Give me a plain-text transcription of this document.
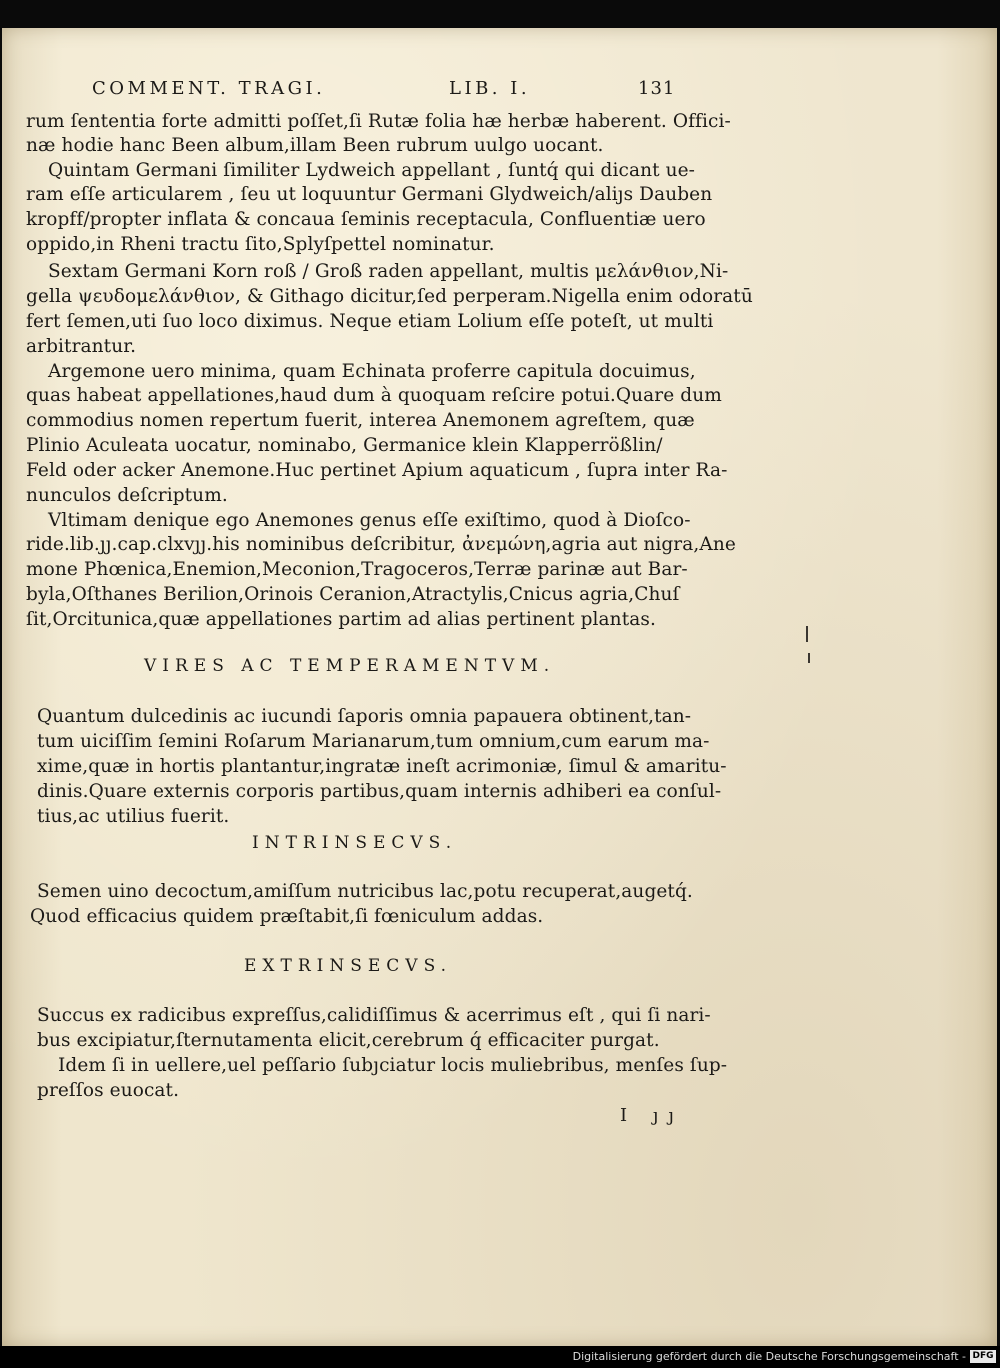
COMMENT. TRAGI.	LIB. I.	131
rum ſententia forte admitti poſſet,ſi Rutæ folia hæ herbæ haberent. Offici-
næ hodie hanc Been album,illam Been rubrum uulgo uocant.
Quintam Germani ſimiliter Lydweich appellant , ſuntq́ qui dicant ue-
ram eſſe articularem , ſeu ut loquuntur Germani Glydweich/aliȷs Dauben
kropff/propter inflata & concaua ſeminis receptacula, Confluentiæ uero
oppido,in Rheni tractu ſito,Splyſpettel nominatur.
Sextam Germani Korn roß / Groß raden appellant, multis μελάνθιον,Ni-
gella ψευδομελάνθιον, & Githago dicitur,ſed perperam.Nigella enim odoratū
fert ſemen,uti ſuo loco diximus. Neque etiam Lolium eſſe poteſt, ut multi
arbitrantur.
Argemone uero minima, quam Echinata proferre capitula docuimus,
quas habeat appellationes,haud dum à quoquam reſcire potui.Quare dum
commodius nomen repertum fuerit, interea Anemonem agreſtem, quæ
Plinio Aculeata uocatur, nominabo, Germanice klein Klapperrößlin/
Feld oder acker Anemone.Huc pertinet Apium aquaticum , ſupra inter Ra-
nunculos deſcriptum.
Vltimam denique ego Anemones genus eſſe exiſtimo, quod à Dioſco-
ride.lib.ȷȷ.cap.clxvȷȷ.his nominibus deſcribitur, ἀνεμώνη,agria aut nigra,Ane
mone Phœnica,Enemion,Meconion,Tragoceros,Terræ parinæ aut Bar-
byla,Oſthanes Berilion,Orinois Ceranion,Atractylis,Cnicus agria,Chuſ
ſit,Orcitunica,quæ appellationes partim ad alias pertinent plantas.
VIRES AC TEMPERAMENTVM.
Quantum dulcedinis ac iucundi ſaporis omnia papauera obtinent,tan-
tum uiciſſim ſemini Roſarum Marianarum,tum omnium,cum earum ma-
xime,quæ in hortis plantantur,ingratæ ineſt acrimoniæ, ſimul & amaritu-
dinis.Quare externis corporis partibus,quam internis adhiberi ea conſul-
tius,ac utilius fuerit.
INTRINSECVS.
Semen uino decoctum,amiſſum nutricibus lac,potu recuperat,augetq́.
Quod efficacius quidem præſtabit,ſi fœniculum addas.
EXTRINSECVS.
Succus ex radicibus expreſſus,calidiſſimus & acerrimus eſt , qui ſi nari-
bus excipiatur,ſternutamenta elicit,cerebrum q́ efficaciter purgat.
Idem ſi in uellere,uel peſſario ſubȷciatur locis muliebribus, menſes ſup-
preſſos euocat.
I ȷȷ
Digitalisierung gefördert durch die Deutsche Forschungsgemeinschaft - DFG
